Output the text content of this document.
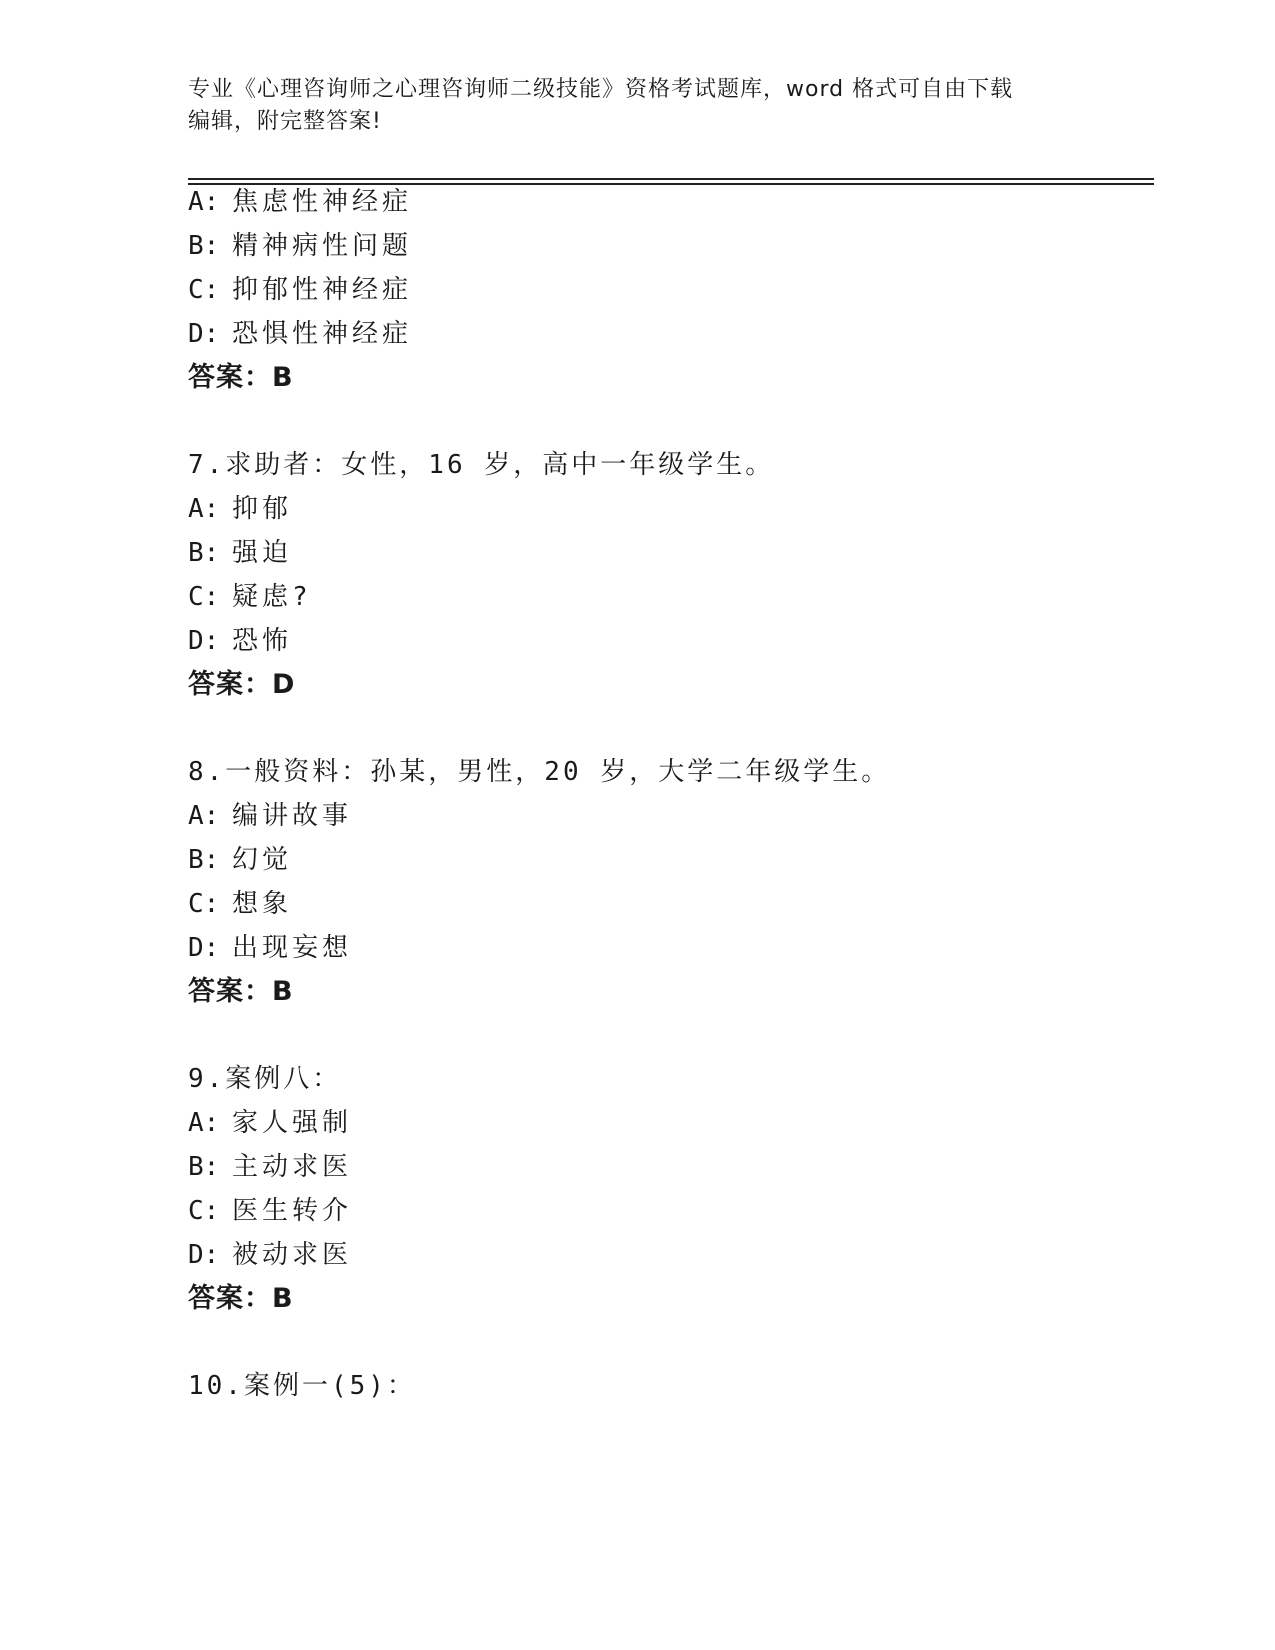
专业《心理咨询师之心理咨询师二级技能》资格考试题库，word 格式可自由下载
编辑，附完整答案!
A: 焦虑性神经症
B: 精神病性问题
C: 抑郁性神经症
D: 恐惧性神经症
答案：B
7.求助者：女性，16 岁，高中一年级学生。
A: 抑郁
B: 强迫
C: 疑虑?
D: 恐怖
答案：D
8.一般资料：孙某，男性，20 岁，大学二年级学生。
A: 编讲故事
B: 幻觉
C: 想象
D: 出现妄想
答案：B
9.案例八：
A: 家人强制
B: 主动求医
C: 医生转介
D: 被动求医
答案：B
10.案例一(5)：
